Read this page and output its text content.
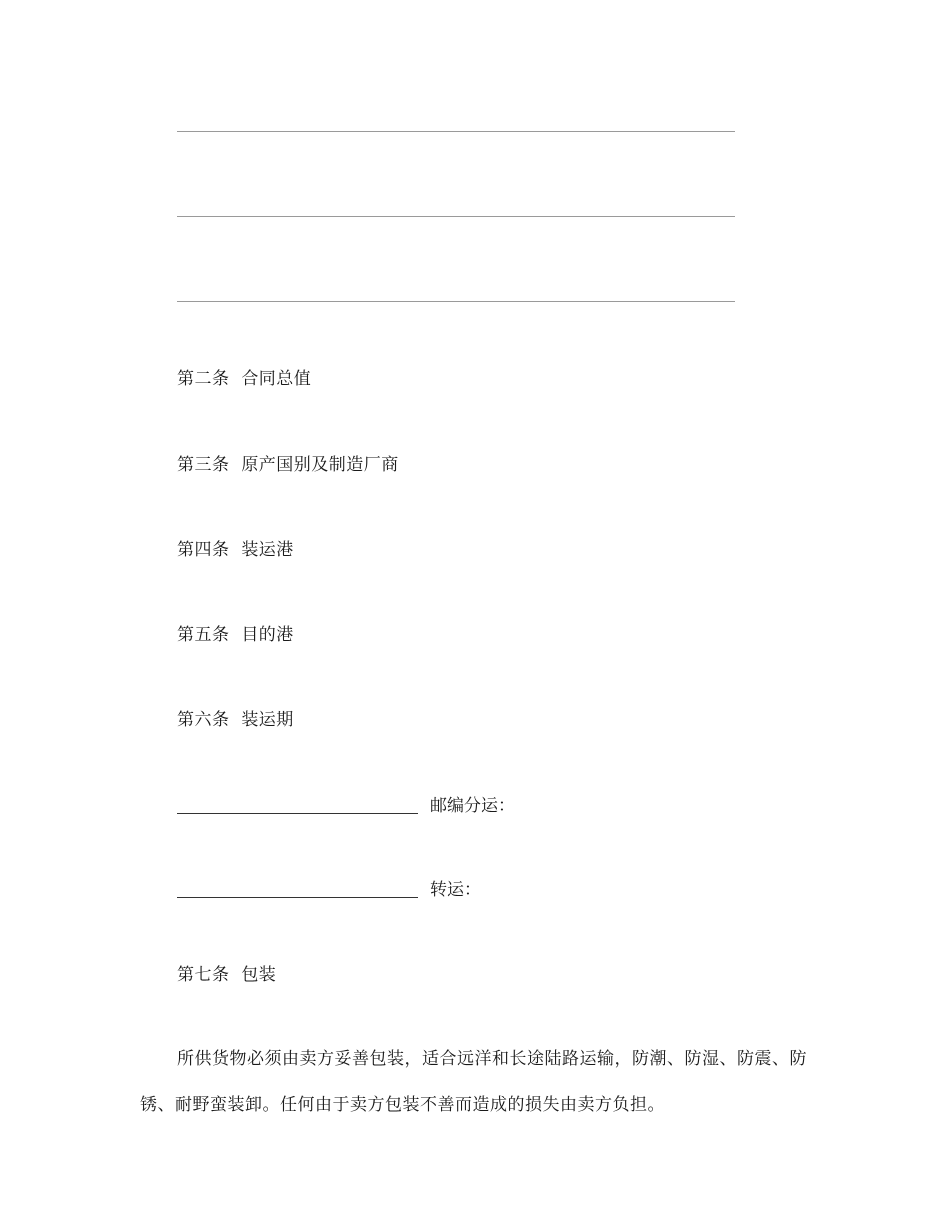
第二条 合同总值
第三条 原产国别及制造厂商
第四条 装运港
第五条 目的港
第六条 装运期
邮编分运：
转运：
第七条 包装
所供货物必须由卖方妥善包装，适合远洋和长途陆路运输，防潮、防湿、防震、防
锈、耐野蛮装卸。任何由于卖方包装不善而造成的损失由卖方负担。
